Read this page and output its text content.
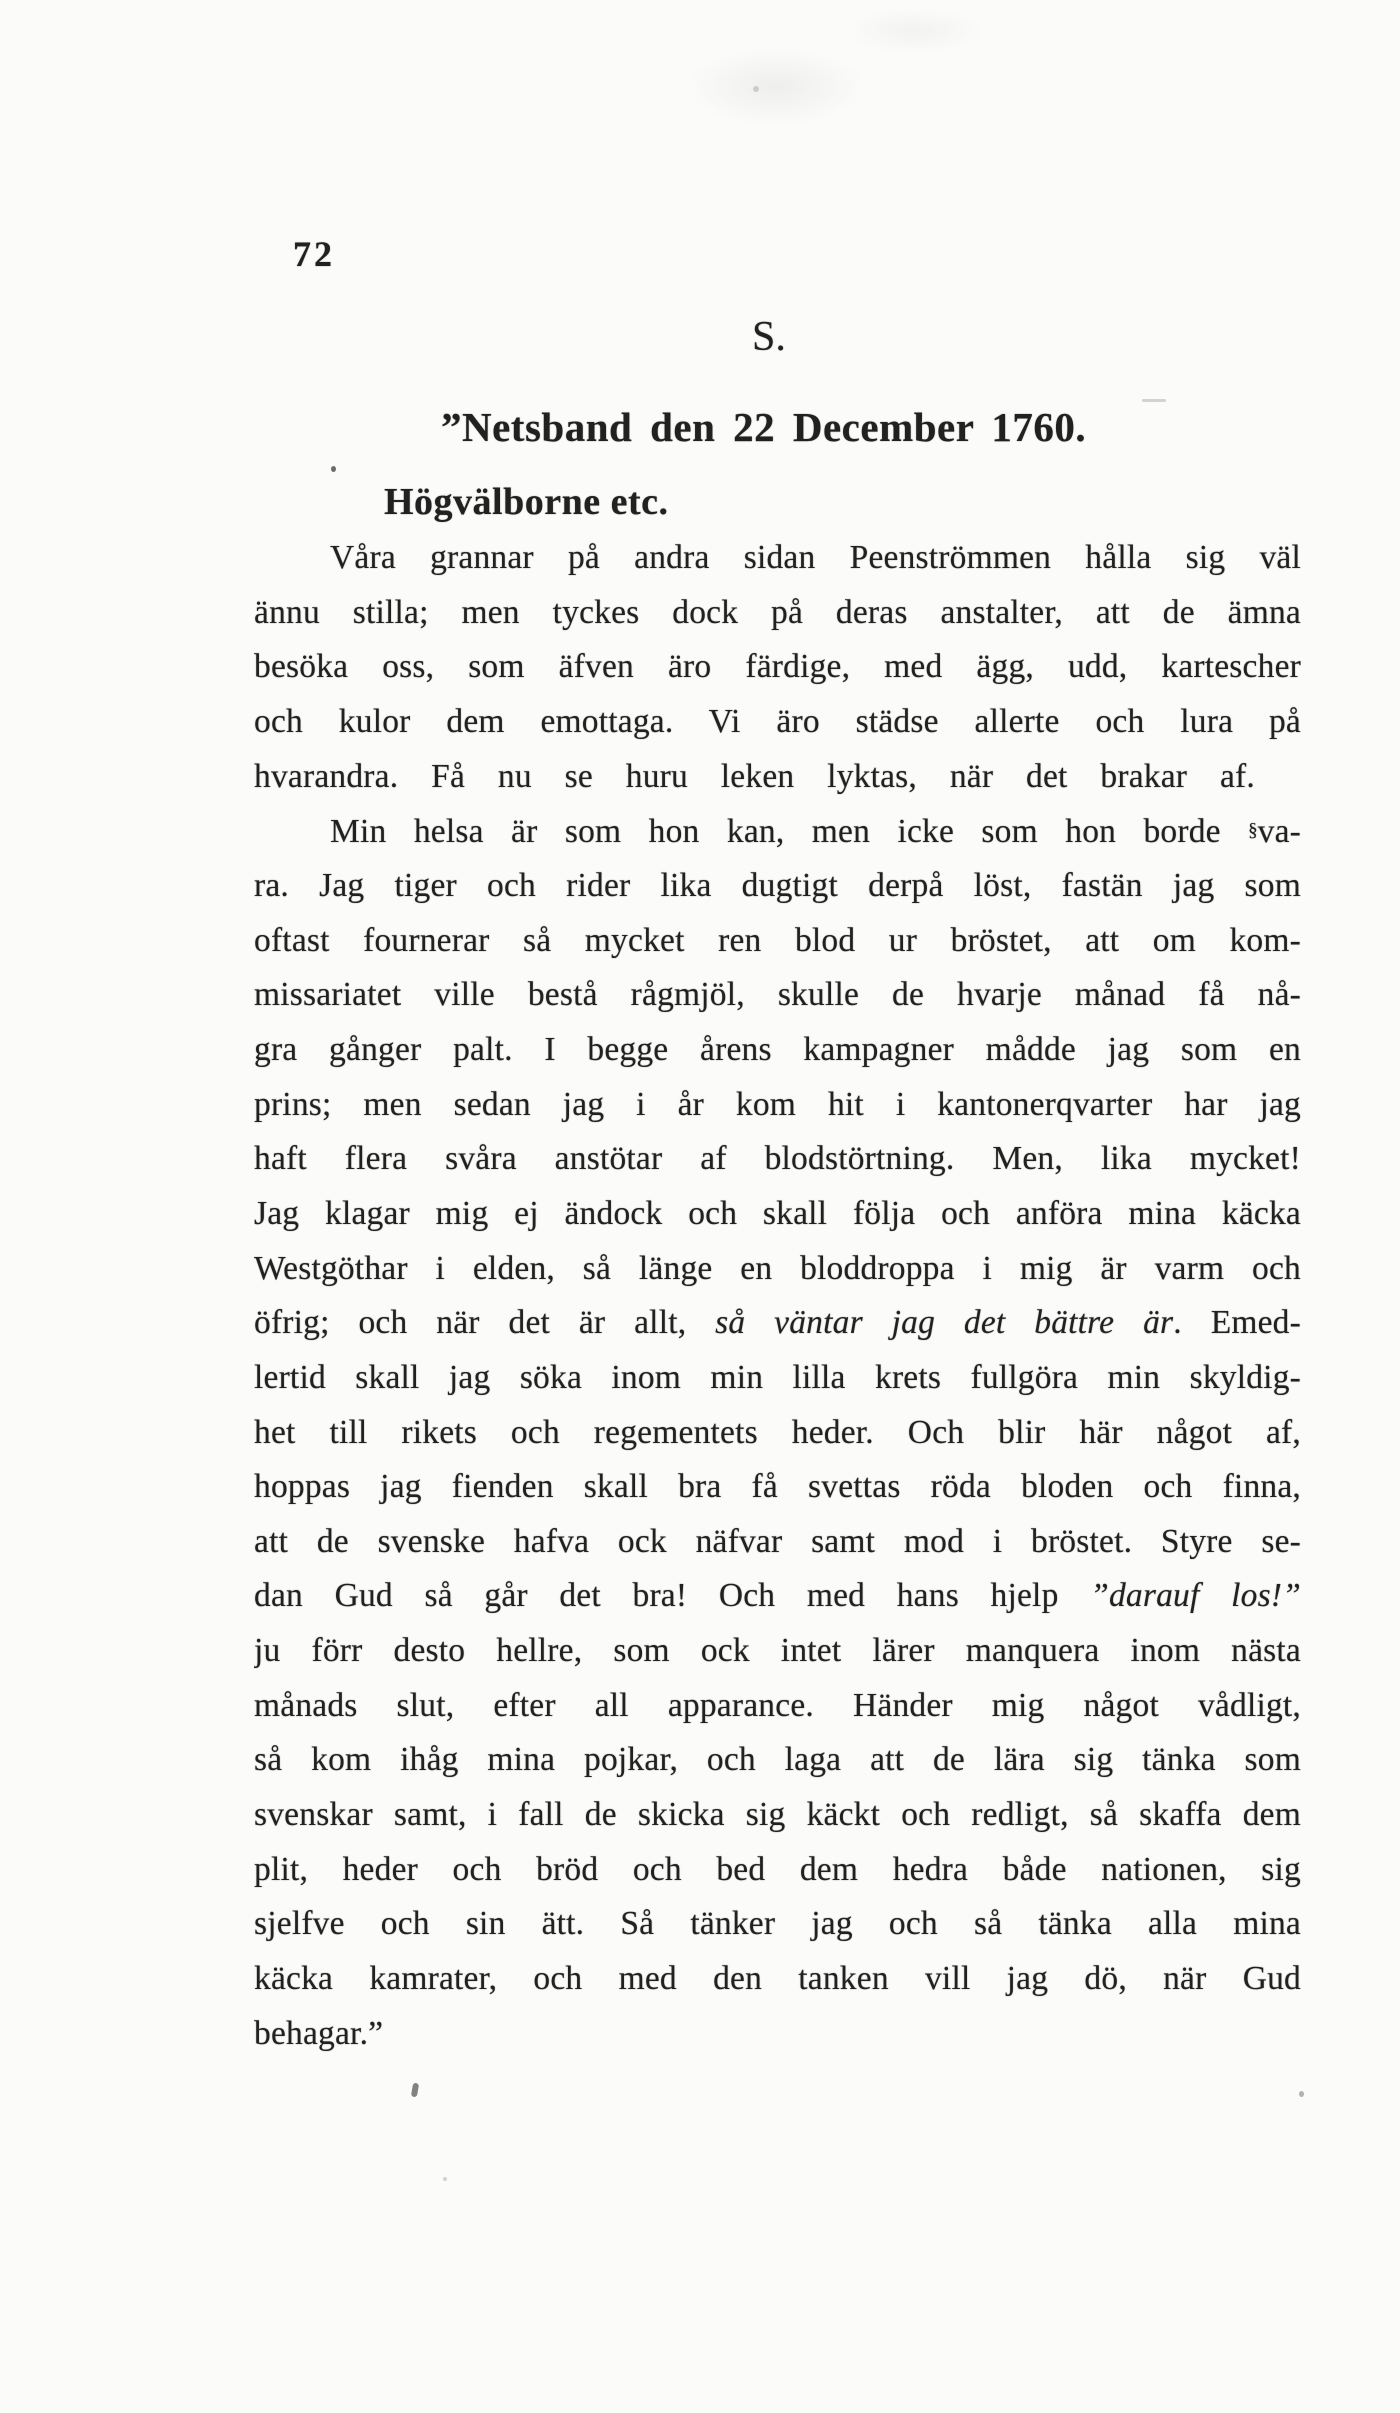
72
S.
”Netsband den 22 December 1760.
Högvälborne etc.
Våra grannar på andra sidan Peenströmmen hålla sig väl
ännu stilla; men tyckes dock på deras anstalter, att de ämna
besöka oss, som äfven äro färdige, med ägg, udd, kartescher
och kulor dem emottaga. Vi äro städse allerte och lura på
hvarandra. Få nu se huru leken lyktas, när det brakar af.
Min helsa är som hon kan, men icke som hon borde §va-
ra. Jag tiger och rider lika dugtigt derpå löst, fastän jag som
oftast fournerar så mycket ren blod ur bröstet, att om kom-
missariatet ville bestå rågmjöl, skulle de hvarje månad få nå-
gra gånger palt. I begge årens kampagner mådde jag som en
prins; men sedan jag i år kom hit i kantonerqvarter har jag
haft flera svåra anstötar af blodstörtning. Men, lika mycket!
Jag klagar mig ej ändock och skall följa och anföra mina käcka
Westgöthar i elden, så länge en bloddroppa i mig är varm och
öfrig; och när det är allt, så väntar jag det bättre är. Emed-
lertid skall jag söka inom min lilla krets fullgöra min skyldig-
het till rikets och regementets heder. Och blir här något af,
hoppas jag fienden skall bra få svettas röda bloden och finna,
att de svenske hafva ock näfvar samt mod i bröstet. Styre se-
dan Gud så går det bra! Och med hans hjelp ”darauf los!”
ju förr desto hellre, som ock intet lärer manquera inom nästa
månads slut, efter all apparance. Händer mig något vådligt,
så kom ihåg mina pojkar, och laga att de lära sig tänka som
svenskar samt, i fall de skicka sig käckt och redligt, så skaffa dem
plit, heder och bröd och bed dem hedra både nationen, sig
sjelfve och sin ätt. Så tänker jag och så tänka alla mina
käcka kamrater, och med den tanken vill jag dö, när Gud
behagar.”
